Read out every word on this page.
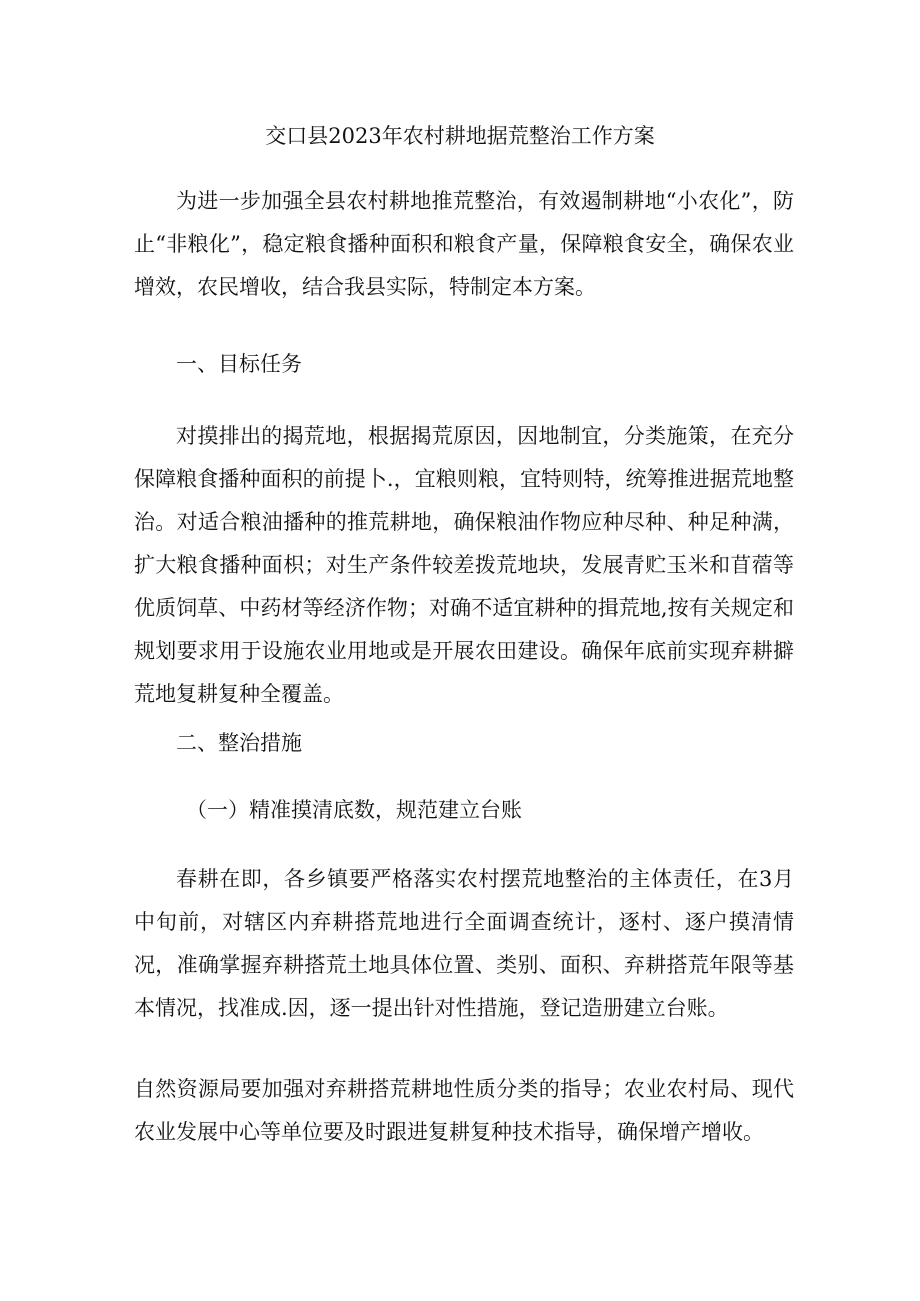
交口县2023年农村耕地据荒整治工作方案

为进一步加强全县农村耕地推荒整治，有效遏制耕地“小农化”，防止“非粮化”，稳定粮食播种面积和粮食产量，保障粮食安全，确保农业增效，农民增收，结合我县实际，特制定本方案。

一、目标任务

对摸排出的揭荒地，根据揭荒原因，因地制宜，分类施策，在充分保障粮食播种面积的前提卜.，宜粮则粮，宜特则特，统筹推进据荒地整治。对适合粮油播种的推荒耕地，确保粮油作物应种尽种、种足种满，扩大粮食播种面枳；对生产条件较差拨荒地块，发展青贮玉米和苜蓿等优质饲草、中药材等经济作物；对确不适宜耕种的揖荒地,按有关规定和规划要求用于设施农业用地或是开展农田建设。确保年底前实现弃耕擗荒地复耕复种全覆盖。

二、整治措施

（一）精准摸清底数，规范建立台账

春耕在即，各乡镇要严格落实农村摆荒地整治的主体责任，在3月中旬前，对辖区内弃耕搭荒地进行全面调查统计，逐村、逐户摸清情况，准确掌握弃耕搭荒土地具体位置、类别、面积、弃耕搭荒年限等基本情况，找准成.因，逐一提出针对性措施，登记造册建立台账。

自然资源局要加强对弃耕搭荒耕地性质分类的指导；农业农村局、现代农业发展中心等单位要及时跟进复耕复种技术指导，确保增产增收。
